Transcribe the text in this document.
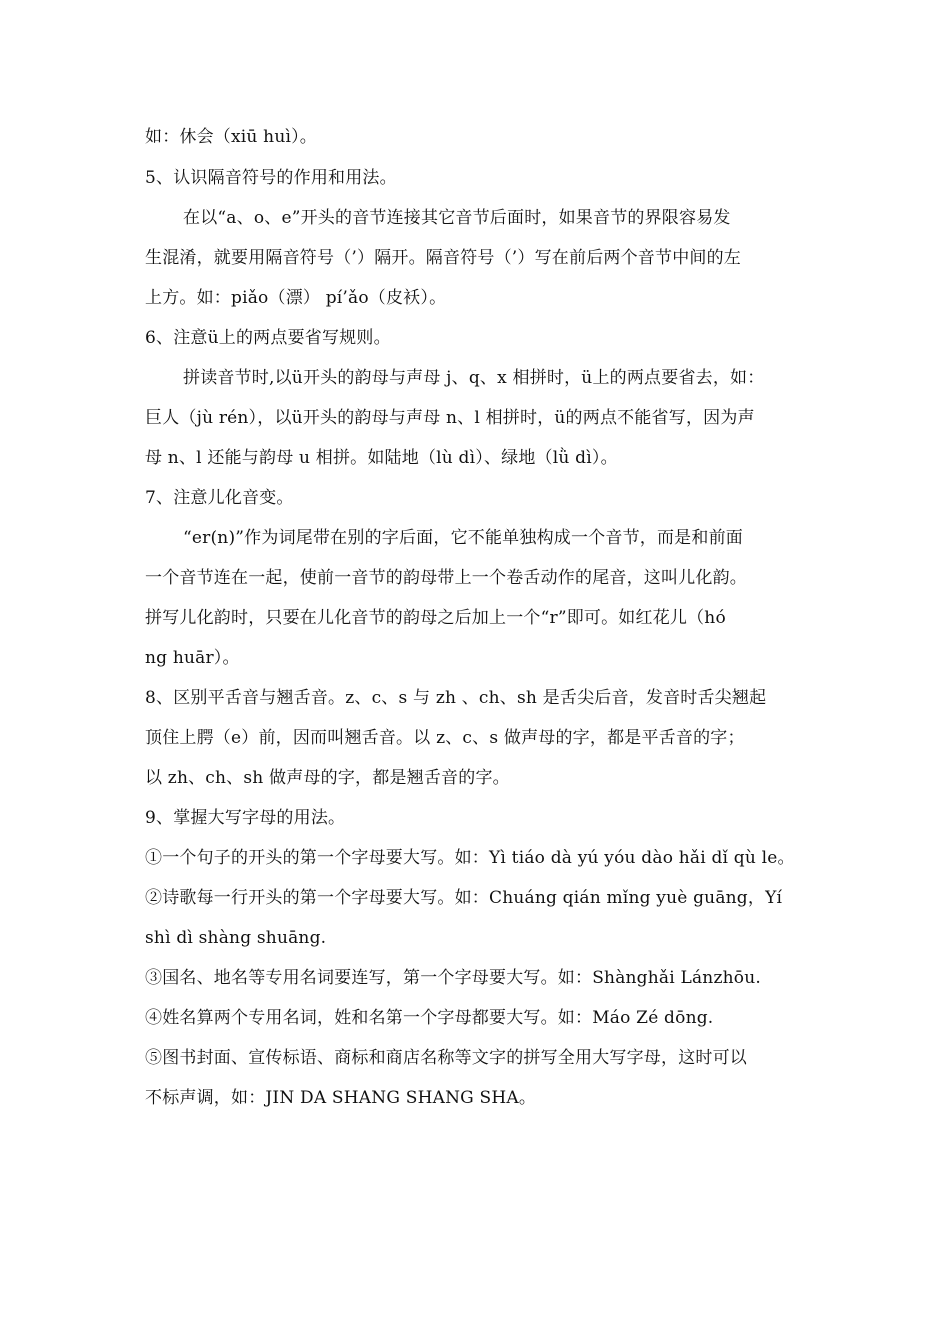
如：休会（xiū huì）。
5、认识隔音符号的作用和用法。
在以“a、o、e”开头的音节连接其它音节后面时，如果音节的界限容易发
生混淆，就要用隔音符号（’）隔开。隔音符号（’）写在前后两个音节中间的左
上方。如：piǎo（漂） pí’ǎo（皮袄）。
6、注意ü上的两点要省写规则。
拼读音节时,以ü开头的韵母与声母 j、q、x 相拼时，ü上的两点要省去，如：
巨人（jù rén），以ü开头的韵母与声母 n、l 相拼时，ü的两点不能省写，因为声
母 n、l 还能与韵母 u 相拼。如陆地（lù dì）、绿地（lǜ dì）。
7、注意儿化音变。
“er(n)”作为词尾带在别的字后面，它不能单独构成一个音节，而是和前面
一个音节连在一起，使前一音节的韵母带上一个卷舌动作的尾音，这叫儿化韵。
拼写儿化韵时，只要在儿化音节的韵母之后加上一个“r”即可。如红花儿（hó
ng huār）。
8、区别平舌音与翘舌音。z、c、s 与 zh 、ch、sh 是舌尖后音，发音时舌尖翘起
顶住上腭（e）前，因而叫翘舌音。以 z、c、s 做声母的字，都是平舌音的字；
以 zh、ch、sh 做声母的字，都是翘舌音的字。
9、掌握大写字母的用法。
①一个句子的开头的第一个字母要大写。如：Yì tiáo dà yú yóu dào hǎi dǐ qù le。
②诗歌每一行开头的第一个字母要大写。如：Chuáng qián mǐng yuè guāng，Yí
shì dì shàng shuāng.
③国名、地名等专用名词要连写，第一个字母要大写。如：Shànghǎi Lánzhōu.
④姓名算两个专用名词，姓和名第一个字母都要大写。如：Máo Zé dōng.
⑤图书封面、宣传标语、商标和商店名称等文字的拼写全用大写字母，这时可以
不标声调，如：JIN DA SHANG SHANG SHA。
